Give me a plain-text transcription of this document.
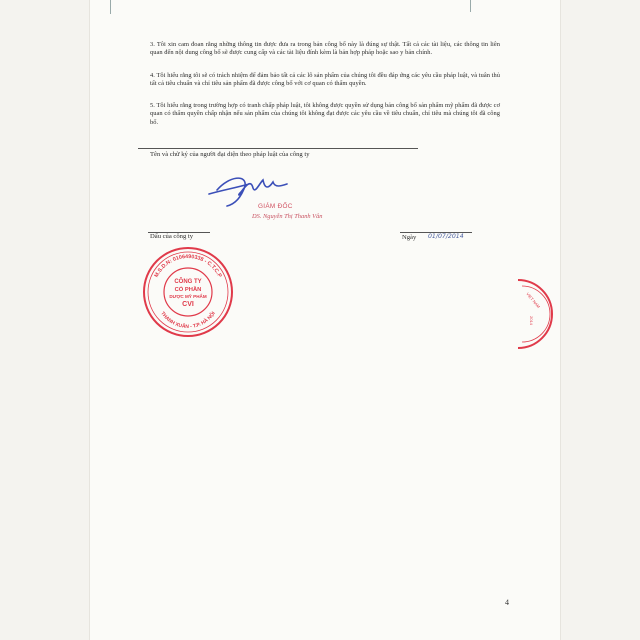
3. Tôi xin cam đoan rằng những thông tin được đưa ra trong bản công bố này là đúng sự thật. Tất cả các tài liệu, các thông tin liên quan đến nội dung công bố sẽ được cung cấp và các tài liệu đính kèm là bản hợp pháp hoặc sao y bản chính.
4. Tôi hiểu rằng tôi sẽ có trách nhiệm để đảm bảo tất cả các lô sản phẩm của chúng tôi đều đáp ứng các yêu cầu pháp luật, và tuân thủ tất cả tiêu chuẩn và chỉ tiêu sản phẩm đã được công bố với cơ quan có thẩm quyền.
5. Tôi hiểu rằng trong trường hợp có tranh chấp pháp luật, tôi không được quyền sử dụng bản công bố sản phẩm mỹ phẩm đã được cơ quan có thẩm quyền chấp nhận nếu sản phẩm của chúng tôi không đạt được các yêu cầu về tiêu chuẩn, chỉ tiêu mà chúng tôi đã công bố.
Tên và chữ ký của người đại diện theo pháp luật của công ty
GIÁM ĐỐC
DS. Nguyễn Thị Thanh Vân
Dấu của công ty	Ngày 01/07/2014
M.S.D.N: 0106490338 - C.T.C.P
THANH XUÂN - T.P. HÀ NỘI
CÔNG TY
CỔ PHẦN
DƯỢC MỸ PHẨM
CVI	VIET NAM
2014
4
